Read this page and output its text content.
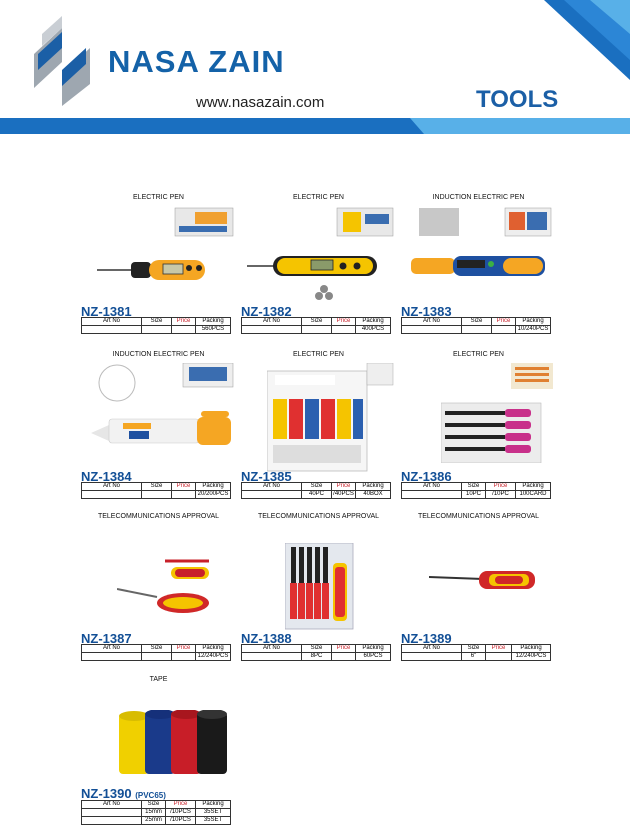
NASA ZAIN
www.nasazain.com	TOOLS
ELECTRIC PEN
NZ-1381
Art No	Size	Price	Packing
			560PCS
ELECTRIC PEN
NZ-1382
Art No	Size	Price	Packing
			400PCS
INDUCTION ELECTRIC PEN
NZ-1383
Art No	Size	Price	Packing
			10/240PCS
INDUCTION ELECTRIC PEN
NZ-1384
Art No	Size	Price	Packing
			20/200PCS
ELECTRIC PEN
NZ-1385
Art No	Size	Price	Packing
	40PC	/40PCS	40BOX
ELECTRIC PEN
NZ-1386
Art No	Size	Price	Packing
	10PC	/10PC	100CARD
TELECOMMUNICATIONS APPROVAL
NZ-1387
Art No	Size	Price	Packing
			12/240PCS
TELECOMMUNICATIONS APPROVAL
NZ-1388
Art No	Size	Price	Packing
	8PC		60PCS
TELECOMMUNICATIONS APPROVAL
NZ-1389
Art No	Size	Price	Packing
	6"		12/240PCS
TAPE
NZ-1390 (PVC65)
Art No	Size	Price	Packing
	15mm	/10PCS	35SET
	25mm	/10PCS	35SET
